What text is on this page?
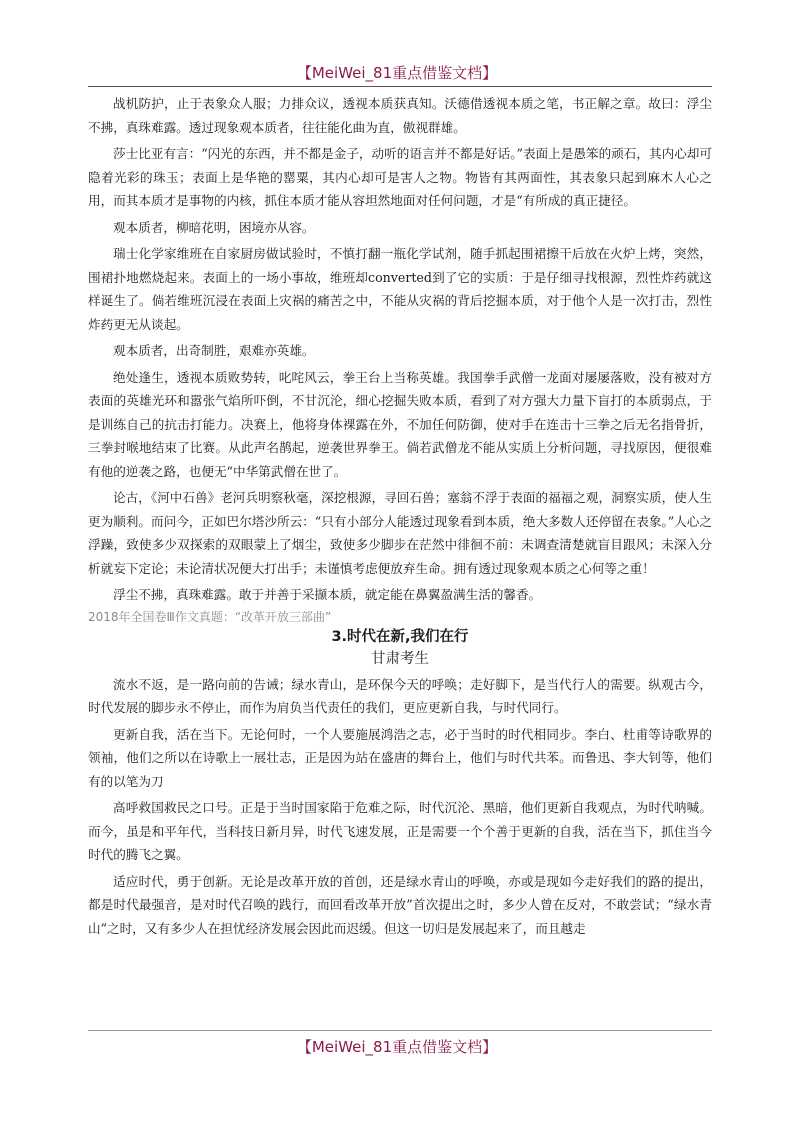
【MeiWei_81重点借鉴文档】

战机防护，止于表象众人服；力排众议，透视本质获真知。沃德借透视本质之笔，书正解之章。故曰：浮尘不拂，真珠难露。透过现象观本质者，往往能化曲为直，傲视群雄。

莎士比亚有言：“闪光的东西，并不都是金子，动听的语言并不都是好话。”表面上是愚笨的顽石，其内心却可隐着光彩的珠玉；表面上是华艳的罂粟，其内心却可是害人之物。物皆有其两面性，其表象只起到麻木人心之用，而其本质才是事物的内核，抓住本质才能从容坦然地面对任何问题，才是“有所成的真正捷径。

观本质者，柳暗花明，困境亦从容。

瑞士化学家维班在自家厨房做试验时，不慎打翻一瓶化学试剂，随手抓起围裙擦干后放在火炉上烤，突然，围裙扑地燃烧起来。表面上的一场小事故，维班却converted到了它的实质：于是仔细寻找根源，烈性炸药就这样诞生了。倘若维班沉浸在表面上灾祸的痛苦之中，不能从灾祸的背后挖掘本质，对于他个人是一次打击，烈性炸药更无从谈起。

观本质者，出奇制胜，艰难亦英雄。

绝处逢生，透视本质败势转，叱咤风云，拳王台上当称英雄。我国拳手武僧一龙面对屡屡落败，没有被对方表面的英雄光环和嚣张气焰所吓倒，不甘沉沦，细心挖掘失败本质，看到了对方强大力量下盲打的本质弱点，于是训练自己的抗击打能力。决赛上，他将身体裸露在外，不加任何防御，使对手在连击十三拳之后无名指骨折，三拳封喉地结束了比赛。从此声名鹊起，逆袭世界拳王。倘若武僧龙不能从实质上分析问题，寻找原因，便很难有他的逆袭之路，也便无“中华第武僧在世了。

论古，《河中石兽》老河兵明察秋毫，深挖根源，寻回石兽；塞翁不浮于表面的福福之观，洞察实质，使人生更为顺利。而问今，正如巴尔塔沙所云：“只有小部分人能透过现象看到本质，绝大多数人还停留在表象。”人心之浮躁，致使多少双探索的双眼蒙上了烟尘，致使多少脚步在茫然中徘徊不前：未调查清楚就盲目跟风；未深入分析就妄下定论；未论清状况便大打出手；未谨慎考虑便放弃生命。拥有透过现象观本质之心何等之重！

浮尘不拂，真珠难露。敢于并善于采撷本质，就定能在鼻翼盈满生活的馨香。

2018年全国卷Ⅲ作文真题：“改革开放三部曲”

3.时代在新,我们在行

甘肃考生

流水不返，是一路向前的告诫；绿水青山，是环保今天的呼唤；走好脚下，是当代行人的需要。纵观古今，时代发展的脚步永不停止，而作为肩负当代责任的我们，更应更新自我，与时代同行。

更新自我，活在当下。无论何时，一个人要施展鸿浩之志，必于当时的时代相同步。李白、杜甫等诗歌界的领袖，他们之所以在诗歌上一展壮志，正是因为站在盛唐的舞台上，他们与时代共苯。而鲁迅、李大钊等，他们有的以笔为刀

高呼救国救民之口号。正是于当时国家陷于危难之际，时代沉沦、黑暗，他们更新自我观点，为时代呐喊。而今，虽是和平年代，当科技日新月异，时代飞速发展，正是需要一个个善于更新的自我，活在当下，抓住当今时代的腾飞之翼。

适应时代，勇于创新。无论是改革开放的首创，还是绿水青山的呼唤，亦或是现如今走好我们的路的提出，都是时代最强音，是对时代召唤的践行，而回看改革开放”首次提出之时，多少人曾在反对，不敢尝试；“绿水青山”之时，又有多少人在担忧经济发展会因此而迟缓。但这一切归是发展起来了，而且越走

【MeiWei_81重点借鉴文档】
